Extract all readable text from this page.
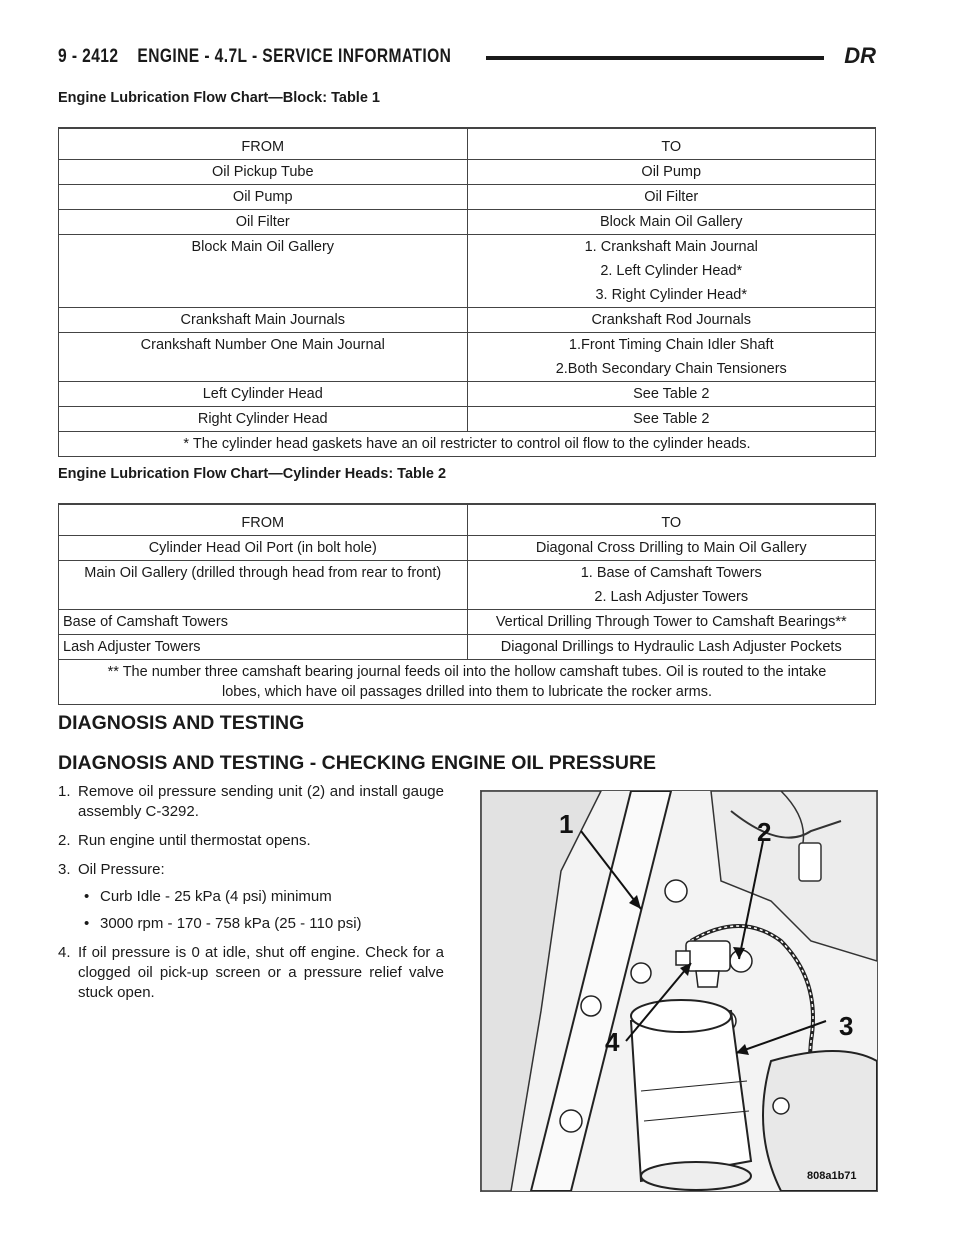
9 - 2412    ENGINE - 4.7L - SERVICE INFORMATION	DR
Engine Lubrication Flow Chart—Block: Table 1
FROM	TO
Oil Pickup Tube	Oil Pump

Oil Pump	Oil Filter

Oil Filter	Block Main Oil Gallery

Block Main Oil Gallery	1. Crankshaft Main Journal
2. Left Cylinder Head*
3. Right Cylinder Head*

Crankshaft Main Journals	Crankshaft Rod Journals

Crankshaft Number One Main Journal	1.Front Timing Chain Idler Shaft
2.Both Secondary Chain Tensioners

Left Cylinder Head	See Table 2

Right Cylinder Head	See Table 2

* The cylinder head gaskets have an oil restricter to control oil flow to the cylinder heads.	
Engine Lubrication Flow Chart—Cylinder Heads: Table 2
FROM	TO
Cylinder Head Oil Port (in bolt hole)	Diagonal Cross Drilling to Main Oil Gallery

Main Oil Gallery (drilled through head from rear to front)	1. Base of Camshaft Towers
2. Lash Adjuster Towers

Base of Camshaft Towers	Vertical Drilling Through Tower to Camshaft Bearings**

Lash Adjuster Towers	Diagonal Drillings to Hydraulic Lash Adjuster Pockets

** The number three camshaft bearing journal feeds oil into the hollow camshaft tubes. Oil is routed to the intake
lobes, which have oil passages drilled into them to lubricate the rocker arms.	
DIAGNOSIS AND TESTING
DIAGNOSIS AND TESTING - CHECKING ENGINE OIL PRESSURE
1. Remove oil pressure sending unit (2) and install gauge assembly C-3292.
2. Run engine until thermostat opens.
3. Oil Pressure:
• Curb Idle - 25 kPa (4 psi) minimum
• 3000 rpm - 170 - 758 kPa (25 - 110 psi)
4. If oil pressure is 0 at idle, shut off engine. Check for a clogged oil pick-up screen or a pressure relief valve stuck open.
1	2
3
4
808a1b71
